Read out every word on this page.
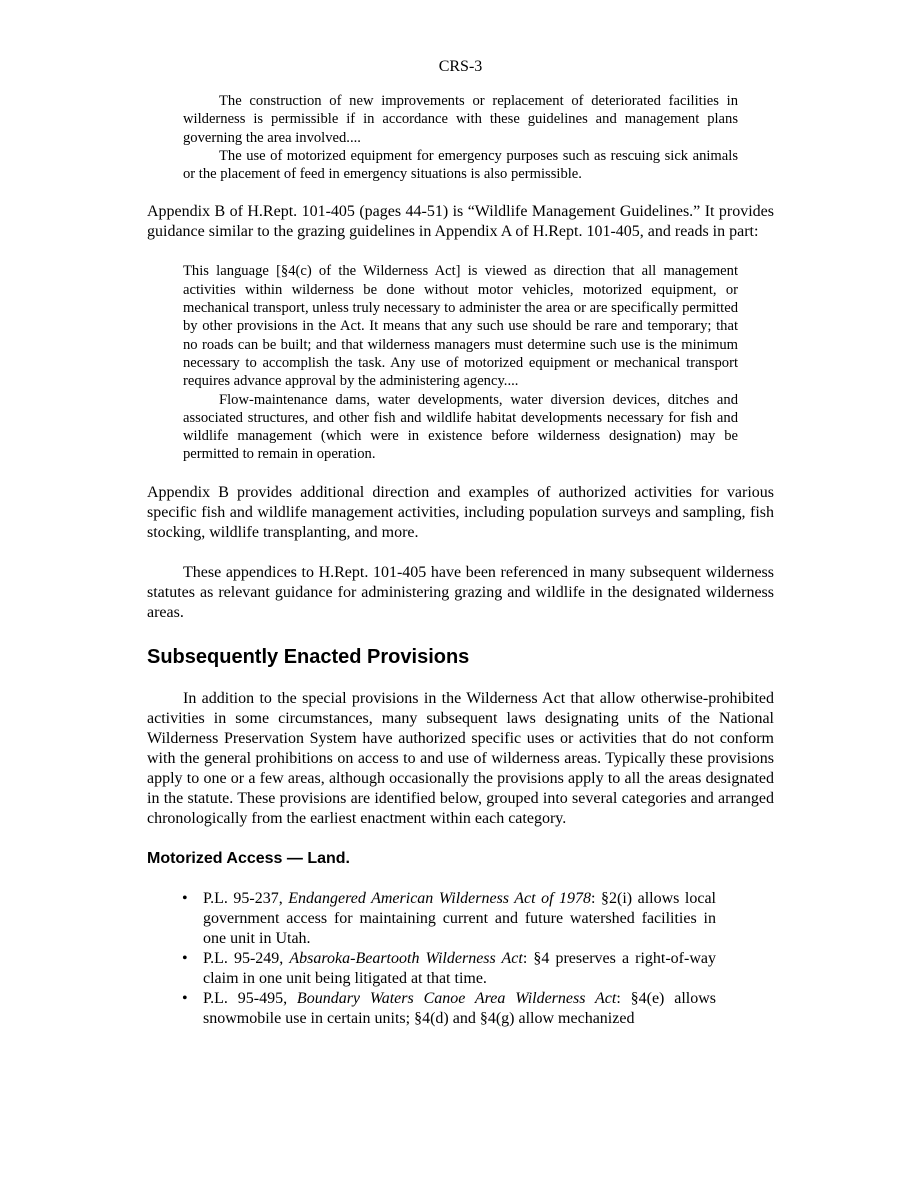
CRS-3

The construction of new improvements or replacement of deteriorated facilities in wilderness is permissible if in accordance with these guidelines and management plans governing the area involved....

The use of motorized equipment for emergency purposes such as rescuing sick animals or the placement of feed in emergency situations is also permissible.

Appendix B of H.Rept. 101-405 (pages 44-51) is “Wildlife Management Guidelines.” It provides guidance similar to the grazing guidelines in Appendix A of H.Rept. 101-405, and reads in part:

This language [§4(c) of the Wilderness Act] is viewed as direction that all management activities within wilderness be done without motor vehicles, motorized equipment, or mechanical transport, unless truly necessary to administer the area or are specifically permitted by other provisions in the Act. It means that any such use should be rare and temporary; that no roads can be built; and that wilderness managers must determine such use is the minimum necessary to accomplish the task. Any use of motorized equipment or mechanical transport requires advance approval by the administering agency....

Flow-maintenance dams, water developments, water diversion devices, ditches and associated structures, and other fish and wildlife habitat developments necessary for fish and wildlife management (which were in existence before wilderness designation) may be permitted to remain in operation.

Appendix B provides additional direction and examples of authorized activities for various specific fish and wildlife management activities, including population surveys and sampling, fish stocking, wildlife transplanting, and more.

These appendices to H.Rept. 101-405 have been referenced in many subsequent wilderness statutes as relevant guidance for administering grazing and wildlife in the designated wilderness areas.

Subsequently Enacted Provisions

In addition to the special provisions in the Wilderness Act that allow otherwise-prohibited activities in some circumstances, many subsequent laws designating units of the National Wilderness Preservation System have authorized specific uses or activities that do not conform with the general prohibitions on access to and use of wilderness areas. Typically these provisions apply to one or a few areas, although occasionally the provisions apply to all the areas designated in the statute. These provisions are identified below, grouped into several categories and arranged chronologically from the earliest enactment within each category.

Motorized Access — Land.
• P.L. 95-237, Endangered American Wilderness Act of 1978: §2(i) allows local government access for maintaining current and future watershed facilities in one unit in Utah.
• P.L. 95-249, Absaroka-Beartooth Wilderness Act: §4 preserves a right-of-way claim in one unit being litigated at that time.
• P.L. 95-495, Boundary Waters Canoe Area Wilderness Act: §4(e) allows snowmobile use in certain units; §4(d) and §4(g) allow mechanized
